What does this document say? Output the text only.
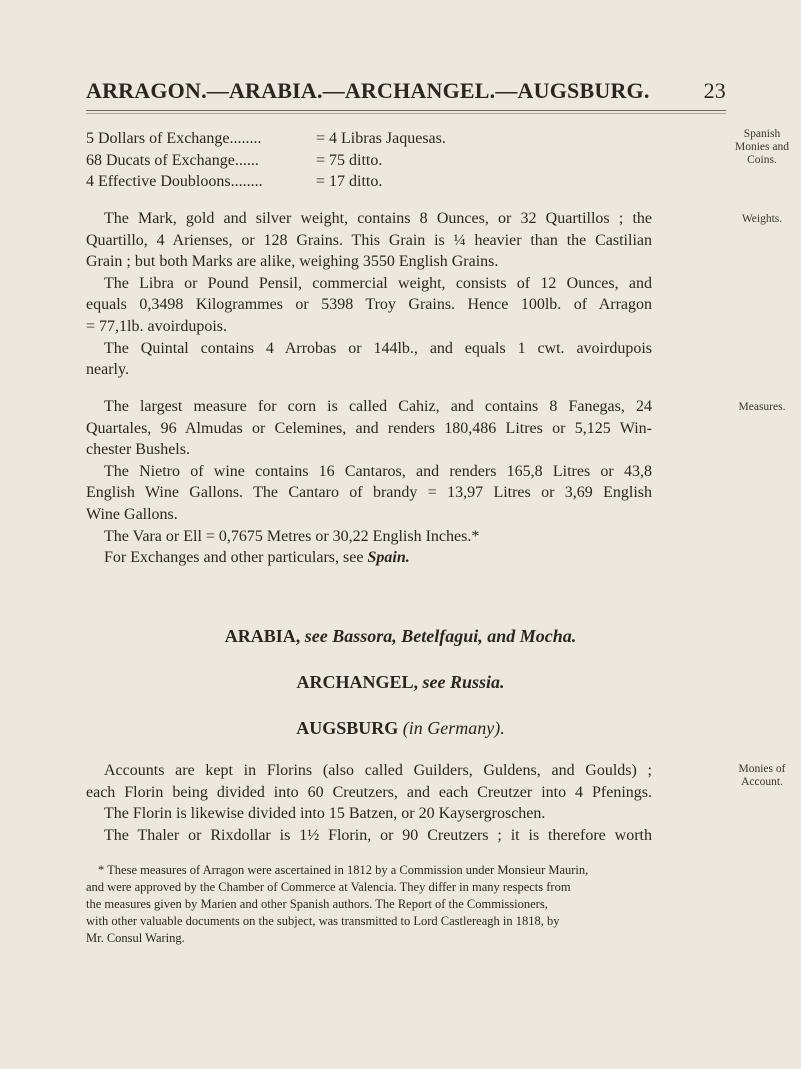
ARRAGON.—ARABIA.—ARCHANGEL.—AUGSBURG. 23
5 Dollars of Exchange........	= 4 Libras Jaquesas.
68 Ducats of Exchange......	= 75 ditto.
4 Effective Doubloons........	= 17 ditto.
Spanish
Monies and
Coins.
The Mark, gold and silver weight, contains 8 Ounces, or 32 Quartillos ; the
Quartillo, 4 Arienses, or 128 Grains. This Grain is ¼ heavier than the Castilian
Grain ; but both Marks are alike, weighing 3550 English Grains.
The Libra or Pound Pensil, commercial weight, consists of 12 Ounces, and
equals 0,3498 Kilogrammes or 5398 Troy Grains. Hence 100lb. of Arragon
= 77,1lb. avoirdupois.
The Quintal contains 4 Arrobas or 144lb., and equals 1 cwt. avoirdupois
nearly.
Weights.
The largest measure for corn is called Cahiz, and contains 8 Fanegas, 24
Quartales, 96 Almudas or Celemines, and renders 180,486 Litres or 5,125 Win-
chester Bushels.
The Nietro of wine contains 16 Cantaros, and renders 165,8 Litres or 43,8
English Wine Gallons. The Cantaro of brandy = 13,97 Litres or 3,69 English
Wine Gallons.
The Vara or Ell = 0,7675 Metres or 30,22 English Inches.*
For Exchanges and other particulars, see Spain.
Measures.
ARABIA, see Bassora, Betelfagui, and Mocha.
ARCHANGEL, see Russia.
AUGSBURG (in Germany).
Accounts are kept in Florins (also called Guilders, Guldens, and Goulds) ;
each Florin being divided into 60 Creutzers, and each Creutzer into 4 Pfenings.
The Florin is likewise divided into 15 Batzen, or 20 Kaysergroschen.
The Thaler or Rixdollar is 1½ Florin, or 90 Creutzers ; it is therefore worth
Monies of
Account.
* These measures of Arragon were ascertained in 1812 by a Commission under Monsieur Maurin,
and were approved by the Chamber of Commerce at Valencia. They differ in many respects from
the measures given by Marien and other Spanish authors. The Report of the Commissioners,
with other valuable documents on the subject, was transmitted to Lord Castlereagh in 1818, by
Mr. Consul Waring.
